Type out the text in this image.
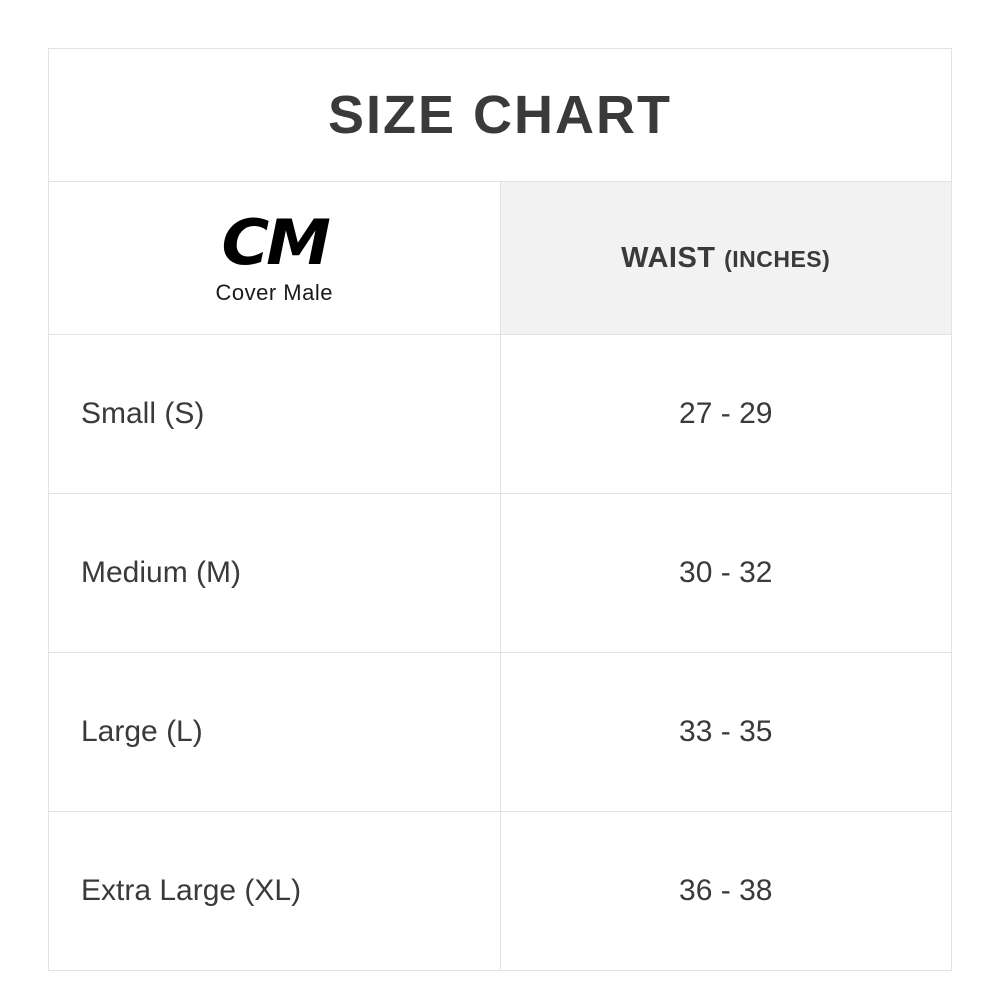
SIZE CHART	

CM
Cover Male	WAIST (INCHES)
Small (S)	27 - 29
Medium (M)	30 - 32
Large (L)	33 - 35
Extra Large (XL)	36 - 38
